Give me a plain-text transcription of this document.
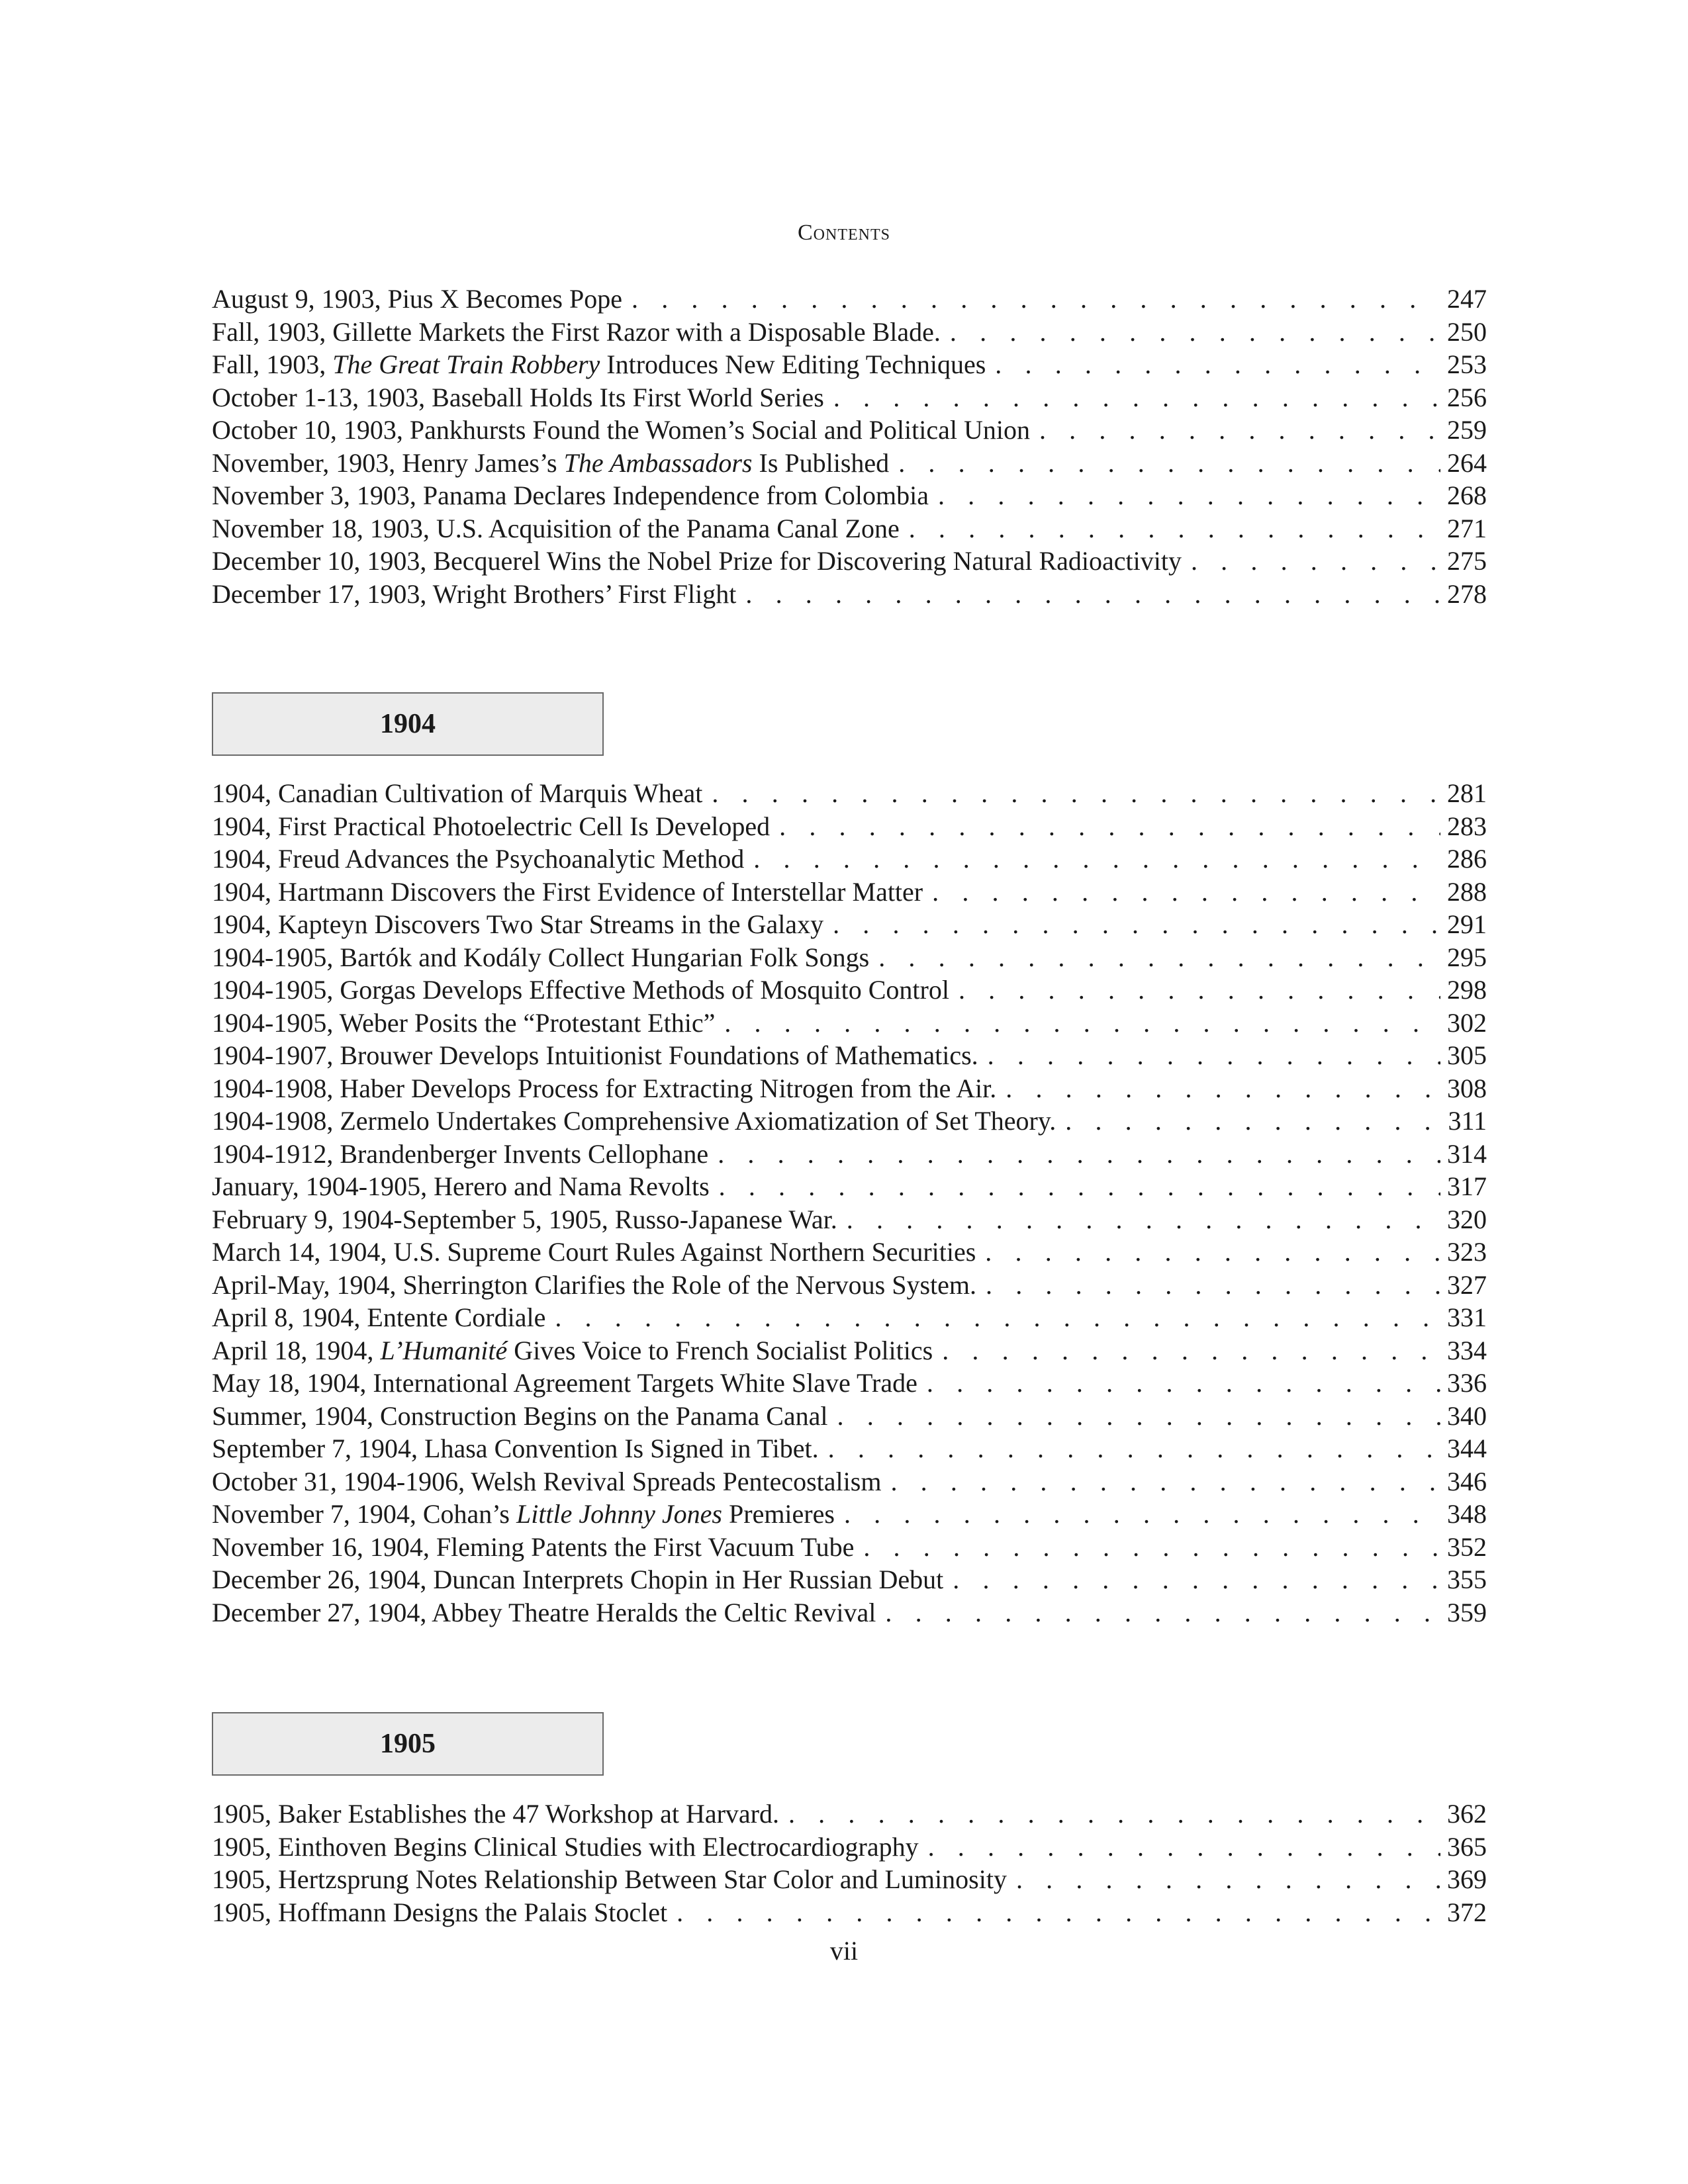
Contents
August 9, 1903, Pius X Becomes Pope . . .	247
Fall, 1903, Gillette Markets the First Razor with a Disposable Blade. . . .	250
Fall, 1903, The Great Train Robbery Introduces New Editing Techniques . . .	253
October 1-13, 1903, Baseball Holds Its First World Series . . .	256
October 10, 1903, Pankhursts Found the Women’s Social and Political Union . . .	259
November, 1903, Henry James’s The Ambassadors Is Published . . .	264
November 3, 1903, Panama Declares Independence from Colombia . . .	268
November 18, 1903, U.S. Acquisition of the Panama Canal Zone . . .	271
December 10, 1903, Becquerel Wins the Nobel Prize for Discovering Natural Radioactivity . . .	275
December 17, 1903, Wright Brothers’ First Flight . . .	278
1904
1904, Canadian Cultivation of Marquis Wheat . . .	281
1904, First Practical Photoelectric Cell Is Developed . . .	283
1904, Freud Advances the Psychoanalytic Method . . .	286
1904, Hartmann Discovers the First Evidence of Interstellar Matter . . .	288
1904, Kapteyn Discovers Two Star Streams in the Galaxy . . .	291
1904-1905, Bartók and Kodály Collect Hungarian Folk Songs . . .	295
1904-1905, Gorgas Develops Effective Methods of Mosquito Control . . .	298
1904-1905, Weber Posits the “Protestant Ethic” . . .	302
1904-1907, Brouwer Develops Intuitionist Foundations of Mathematics. . . .	305
1904-1908, Haber Develops Process for Extracting Nitrogen from the Air. . . .	308
1904-1908, Zermelo Undertakes Comprehensive Axiomatization of Set Theory. . . .	311
1904-1912, Brandenberger Invents Cellophane . . .	314
January, 1904-1905, Herero and Nama Revolts . . .	317
February 9, 1904-September 5, 1905, Russo-Japanese War. . . .	320
March 14, 1904, U.S. Supreme Court Rules Against Northern Securities . . .	323
April-May, 1904, Sherrington Clarifies the Role of the Nervous System. . . .	327
April 8, 1904, Entente Cordiale . . .	331
April 18, 1904, L’Humanité Gives Voice to French Socialist Politics . . .	334
May 18, 1904, International Agreement Targets White Slave Trade . . .	336
Summer, 1904, Construction Begins on the Panama Canal . . .	340
September 7, 1904, Lhasa Convention Is Signed in Tibet. . . .	344
October 31, 1904-1906, Welsh Revival Spreads Pentecostalism . . .	346
November 7, 1904, Cohan’s Little Johnny Jones Premieres . . .	348
November 16, 1904, Fleming Patents the First Vacuum Tube . . .	352
December 26, 1904, Duncan Interprets Chopin in Her Russian Debut . . .	355
December 27, 1904, Abbey Theatre Heralds the Celtic Revival . . .	359
1905
1905, Baker Establishes the 47 Workshop at Harvard. . . .	362
1905, Einthoven Begins Clinical Studies with Electrocardiography . . .	365
1905, Hertzsprung Notes Relationship Between Star Color and Luminosity . . .	369
1905, Hoffmann Designs the Palais Stoclet . . .	372
vii
